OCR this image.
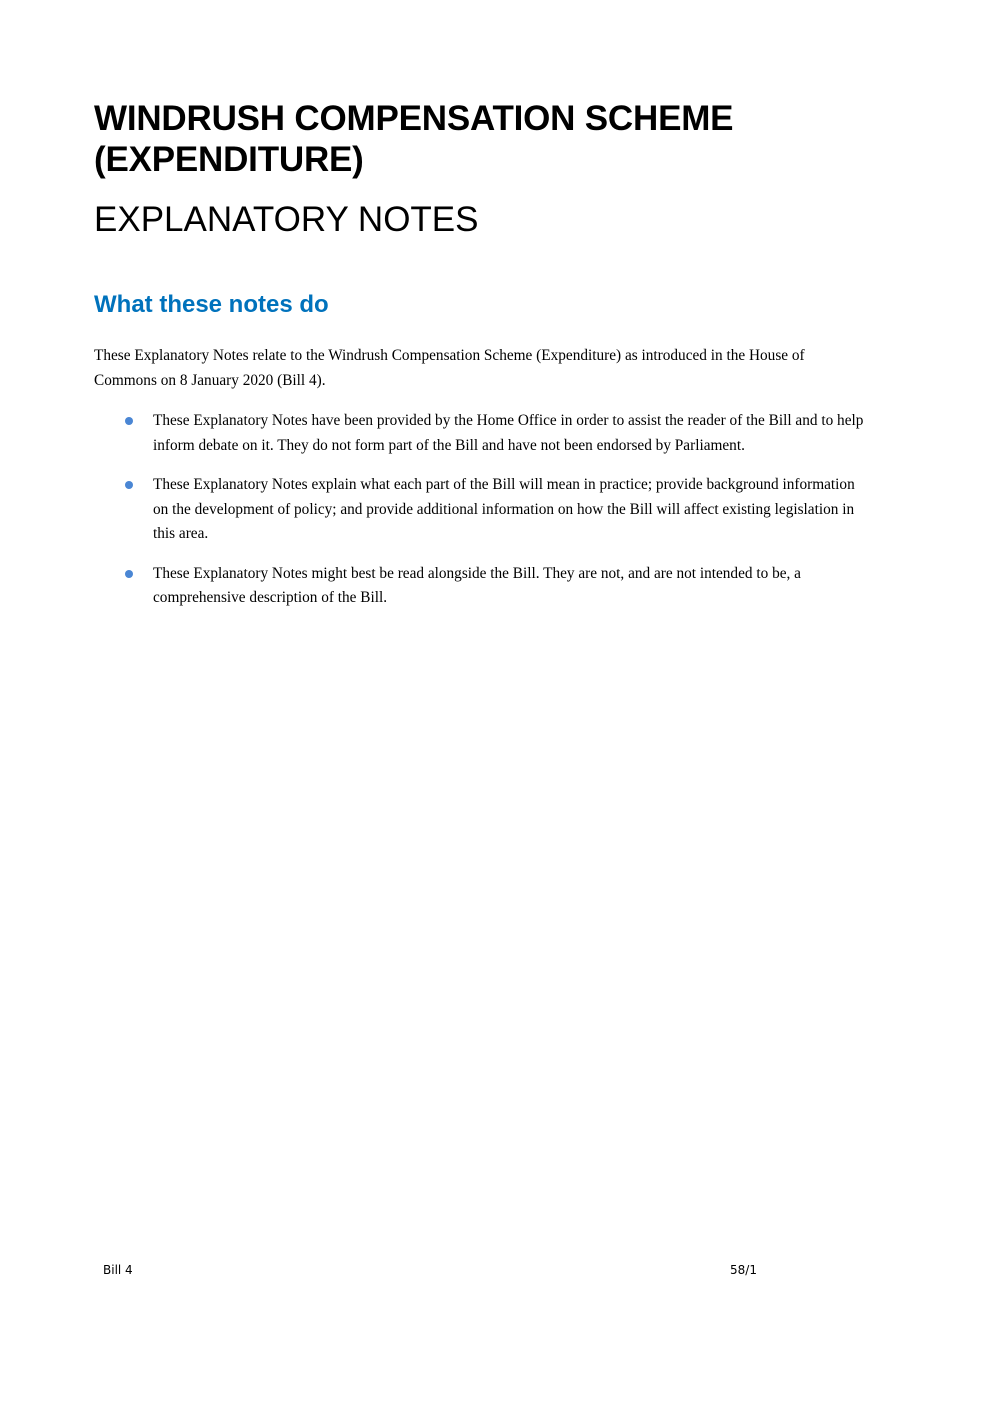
WINDRUSH COMPENSATION SCHEME (EXPENDITURE)
EXPLANATORY NOTES
What these notes do

These Explanatory Notes relate to the Windrush Compensation Scheme (Expenditure) as introduced in the House of Commons on 8 January 2020 (Bill 4).

These Explanatory Notes have been provided by the Home Office in order to assist the reader of the Bill and to help inform debate on it. They do not form part of the Bill and have not been endorsed by Parliament.
These Explanatory Notes explain what each part of the Bill will mean in practice; provide background information on the development of policy; and provide additional information on how the Bill will affect existing legislation in this area.
These Explanatory Notes might best be read alongside the Bill. They are not, and are not intended to be, a comprehensive description of the Bill.
Bill 4	58/1
